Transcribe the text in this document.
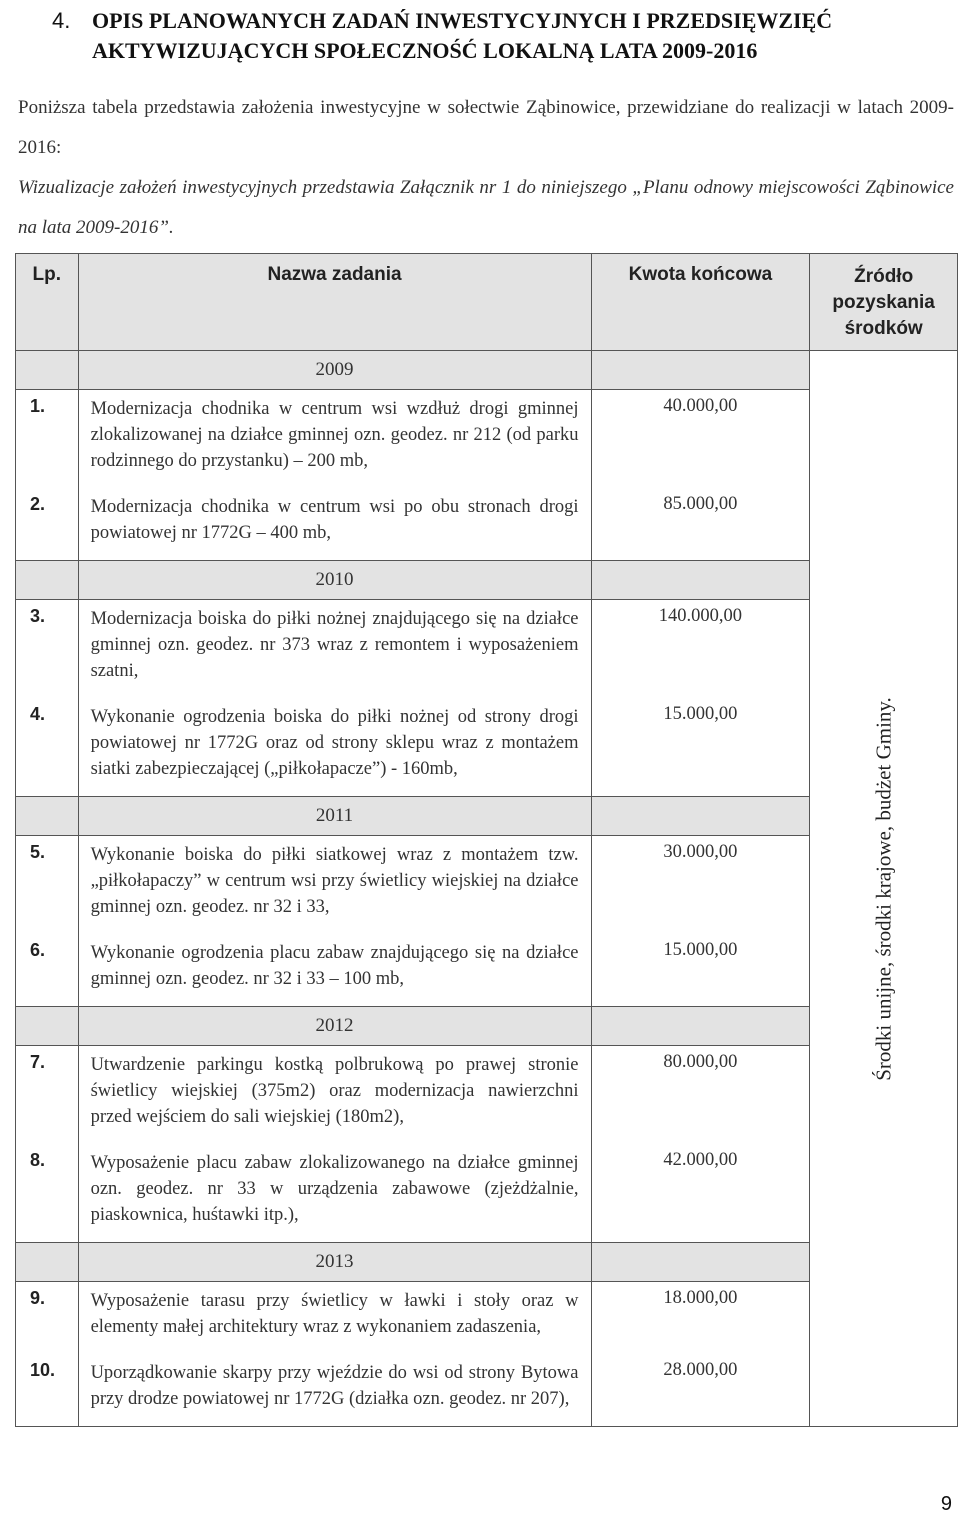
4. OPIS PLANOWANYCH ZADAŃ INWESTYCYJNYCH I PRZEDSIĘWZIĘĆ
AKTYWIZUJĄCYCH SPOŁECZNOŚĆ LOKALNĄ LATA 2009-2016

Poniższa tabela przedstawia założenia inwestycyjne w sołectwie Ząbinowice, przewidziane do realizacji w latach 2009-2016:

Wizualizacje założeń inwestycyjnych przedstawia Załącznik nr 1 do niniejszego „Planu odnowy miejscowości Ząbinowice na lata 2009-2016”.

Lp.	Nazwa zadania	Kwota końcowa	Źródło pozyskania środków
	2009		Środki unijne, środki krajowe, budżet Gminy.

1.	Modernizacja chodnika w centrum wsi wzdłuż drogi gminnej zlokalizowanej na działce gminnej ozn. geodez. nr 212 (od parku rodzinnego do przystanku) – 200 mb,	40.000,00	
2.	Modernizacja chodnika w centrum wsi po obu stronach drogi powiatowej nr 1772G – 400 mb,	85.000,00	
	2010		
3.	Modernizacja boiska do piłki nożnej znajdującego się na działce gminnej ozn. geodez. nr 373 wraz z remontem i wyposażeniem szatni,	140.000,00	
4.	Wykonanie ogrodzenia boiska do piłki nożnej od strony drogi powiatowej nr 1772G oraz od strony sklepu wraz z montażem siatki zabezpieczającej („piłkołapacze”) - 160mb,	15.000,00	
	2011		
5.	Wykonanie boiska do piłki siatkowej wraz z montażem tzw. „piłkołapaczy” w centrum wsi przy świetlicy wiejskiej na działce gminnej ozn. geodez. nr 32 i 33,	30.000,00	
6.	Wykonanie ogrodzenia placu zabaw znajdującego się na działce gminnej ozn. geodez. nr 32 i 33 – 100 mb,	15.000,00	
	2012		
7.	Utwardzenie parkingu kostką polbrukową po prawej stronie świetlicy wiejskiej (375m2) oraz modernizacja nawierzchni przed wejściem do sali wiejskiej (180m2),	80.000,00	
8.	Wyposażenie placu zabaw zlokalizowanego na działce gminnej ozn. geodez. nr 33 w urządzenia zabawowe (zjeżdżalnie, piaskownica, huśtawki itp.),	42.000,00	
	2013		
9.	Wyposażenie tarasu przy świetlicy w ławki i stoły oraz w elementy małej architektury wraz z wykonaniem zadaszenia,	18.000,00	
10.	Uporządkowanie skarpy przy wjeździe do wsi od strony Bytowa przy drodze powiatowej nr 1772G (działka ozn. geodez. nr 207),	28.000,00	
9
